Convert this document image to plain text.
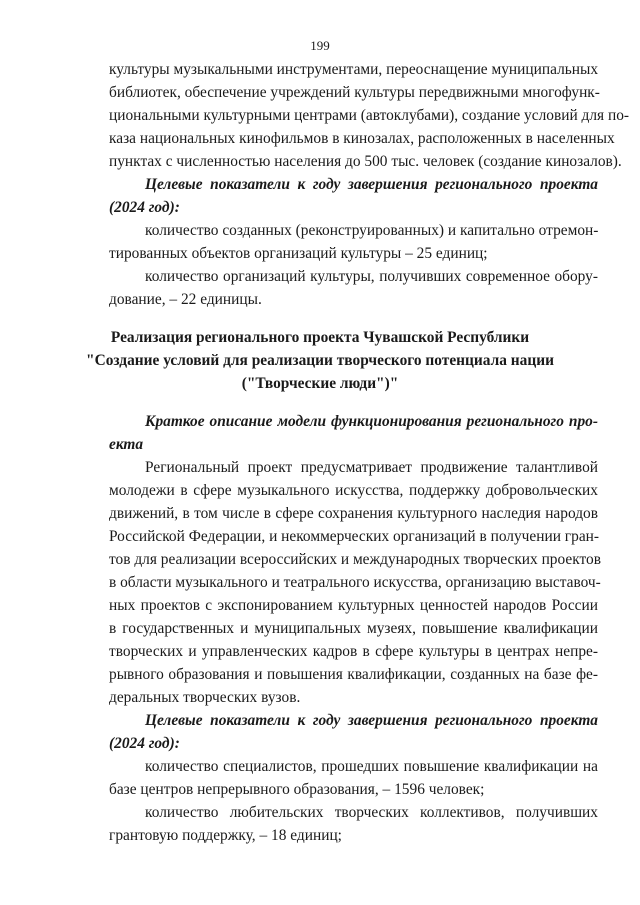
199
культуры музыкальными инструментами, переоснащение муниципальных
библиотек, обеспечение учреждений культуры передвижными многофунк-
циональными культурными центрами (автоклубами), создание условий для по-
каза национальных кинофильмов в кинозалах, расположенных в населенных
пунктах с численностью населения до 500 тыс. человек (создание кинозалов).
Целевые показатели к году завершения регионального проекта
(2024 год):
количество созданных (реконструированных) и капитально отремон-
тированных объектов организаций культуры – 25 единиц;
количество организаций культуры, получивших современное обору-
дование, – 22 единицы.
Реализация регионального проекта Чувашской Республики
"Создание условий для реализации творческого потенциала нации
("Творческие люди")"
Краткое описание модели функционирования регионального про-
екта
Региональный проект предусматривает продвижение талантливой
молодежи в сфере музыкального искусства, поддержку добровольческих
движений, в том числе в сфере сохранения культурного наследия народов
Российской Федерации, и некоммерческих организаций в получении гран-
тов для реализации всероссийских и международных творческих проектов
в области музыкального и театрального искусства, организацию выставоч-
ных проектов с экспонированием культурных ценностей народов России
в государственных и муниципальных музеях, повышение квалификации
творческих и управленческих кадров в сфере культуры в центрах непре-
рывного образования и повышения квалификации, созданных на базе фе-
деральных творческих вузов.
Целевые показатели к году завершения регионального проекта
(2024 год):
количество специалистов, прошедших повышение квалификации на
базе центров непрерывного образования, – 1596 человек;
количество любительских творческих коллективов, получивших
грантовую поддержку, – 18 единиц;
